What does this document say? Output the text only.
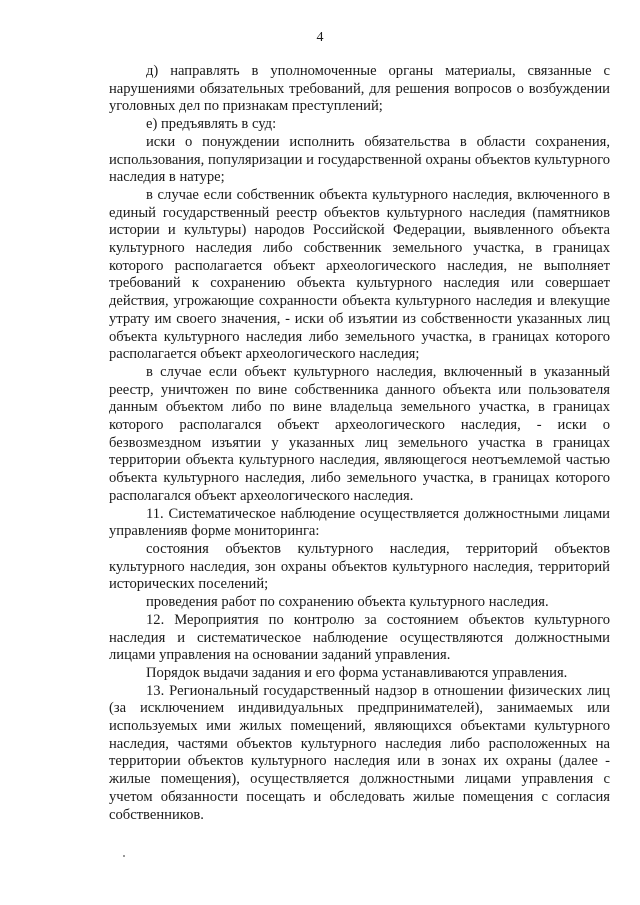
4

д) направлять в уполномоченные органы материалы, связанные с нарушениями обязательных требований, для решения вопросов о возбуждении уголовных дел по признакам преступлений;

е) предъявлять в суд:

иски о понуждении исполнить обязательства в области сохранения, использования, популяризации и государственной охраны объектов культурного наследия в натуре;

в случае если собственник объекта культурного наследия, включенного в единый государственный реестр объектов культурного наследия (памятников истории и культуры) народов Российской Федерации, выявленного объекта культурного наследия либо собственник земельного участка, в границах которого располагается объект археологического наследия, не выполняет требований к сохранению объекта культурного наследия или совершает действия, угрожающие сохранности объекта культурного наследия и влекущие утрату им своего значения, - иски об изъятии из собственности указанных лиц объекта культурного наследия либо земельного участка, в границах которого располагается объект археологического наследия;

в случае если объект культурного наследия, включенный в указанный реестр, уничтожен по вине собственника данного объекта или пользователя данным объектом либо по вине владельца земельного участка, в границах которого располагался объект археологического наследия, - иски о безвозмездном изъятии у указанных лиц земельного участка в границах территории объекта культурного наследия, являющегося неотъемлемой частью объекта культурного наследия, либо земельного участка, в границах которого располагался объект археологического наследия.

11. Систематическое наблюдение осуществляется должностными лицами управленияв форме мониторинга:

состояния объектов культурного наследия, территорий объектов культурного наследия, зон охраны объектов культурного наследия, территорий исторических поселений;

проведения работ по сохранению объекта культурного наследия.

12. Мероприятия по контролю за состоянием объектов культурного наследия и систематическое наблюдение осуществляются должностными лицами управления на основании заданий управления.

Порядок выдачи задания и его форма устанавливаются управления.

13. Региональный государственный надзор в отношении физических лиц (за исключением индивидуальных предпринимателей), занимаемых или используемых ими жилых помещений, являющихся объектами культурного наследия, частями объектов культурного наследия либо расположенных на территории объектов культурного наследия или в зонах их охраны (далее - жилые помещения), осуществляется должностными лицами управления с учетом обязанности посещать и обследовать жилые помещения с согласия собственников.
